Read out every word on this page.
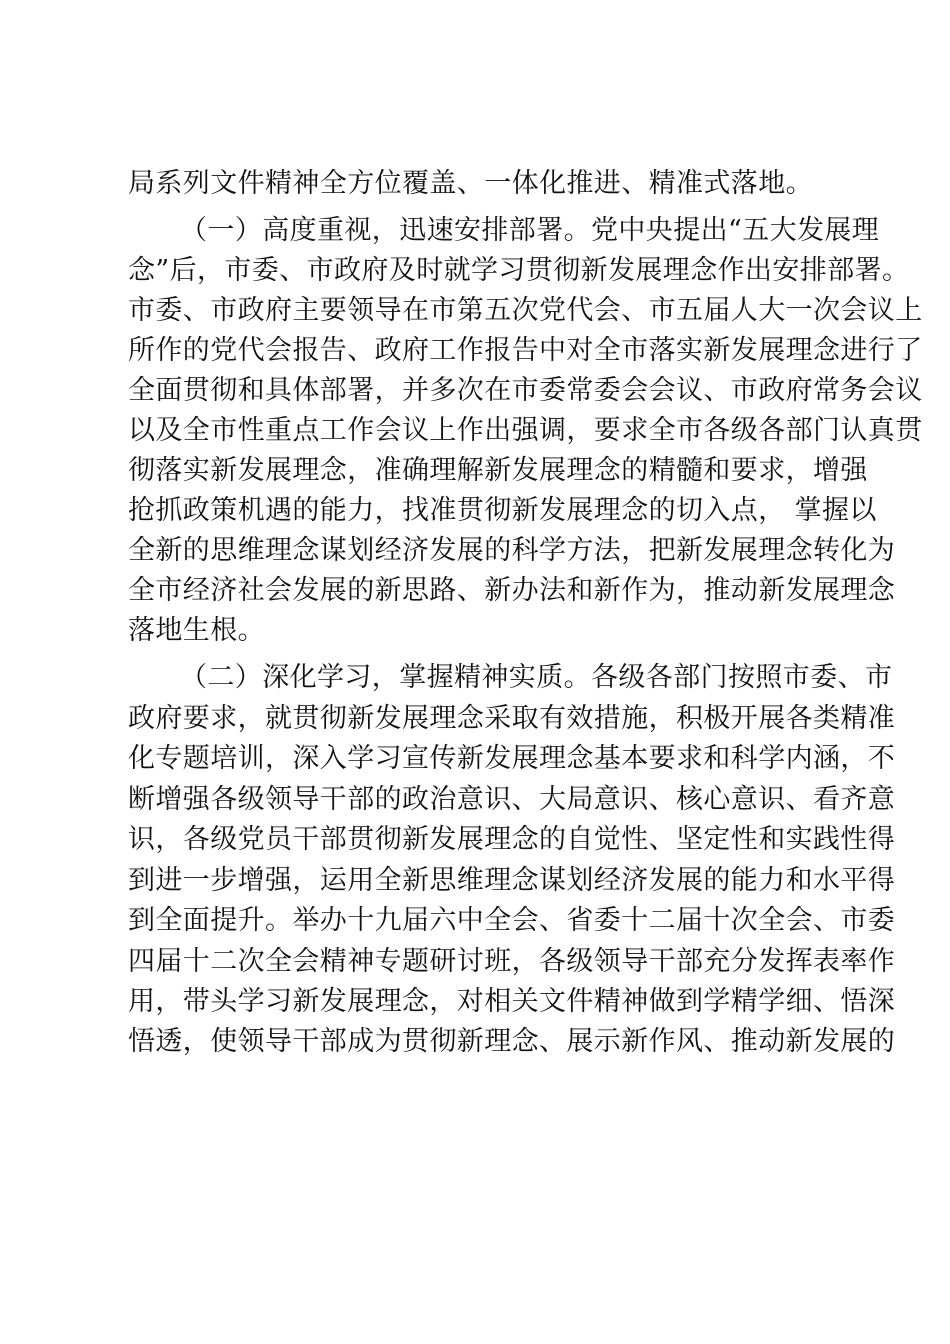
局系列文件精神全方位覆盖、一体化推进、精准式落地。
（一）高度重视，迅速安排部署。党中央提出“五大发展理
念”后，市委、市政府及时就学习贯彻新发展理念作出安排部署。
市委、市政府主要领导在市第五次党代会、市五届人大一次会议上
所作的党代会报告、政府工作报告中对全市落实新发展理念进行了
全面贯彻和具体部署，并多次在市委常委会会议、市政府常务会议
以及全市性重点工作会议上作出强调，要求全市各级各部门认真贯
彻落实新发展理念，准确理解新发展理念的精髓和要求，增强
抢抓政策机遇的能力，找准贯彻新发展理念的切入点， 掌握以
全新的思维理念谋划经济发展的科学方法，把新发展理念转化为
全市经济社会发展的新思路、新办法和新作为，推动新发展理念
落地生根。
（二）深化学习，掌握精神实质。各级各部门按照市委、市
政府要求，就贯彻新发展理念采取有效措施，积极开展各类精准
化专题培训，深入学习宣传新发展理念基本要求和科学内涵，不
断增强各级领导干部的政治意识、大局意识、核心意识、看齐意
识，各级党员干部贯彻新发展理念的自觉性、坚定性和实践性得
到进一步增强，运用全新思维理念谋划经济发展的能力和水平得
到全面提升。举办十九届六中全会、省委十二届十次全会、市委
四届十二次全会精神专题研讨班，各级领导干部充分发挥表率作
用，带头学习新发展理念，对相关文件精神做到学精学细、悟深
悟透，使领导干部成为贯彻新理念、展示新作风、推动新发展的
